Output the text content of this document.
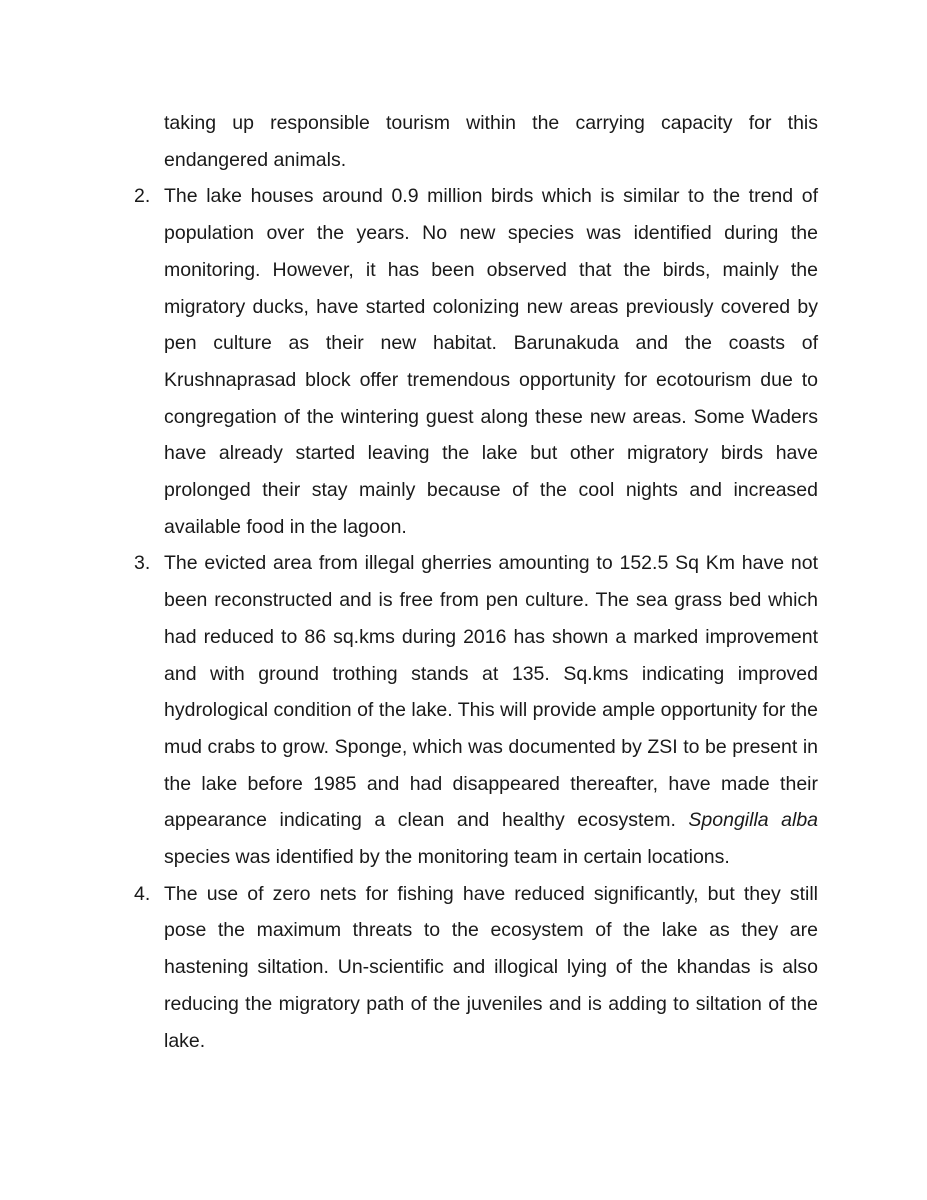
taking up responsible tourism within the carrying capacity for this endangered animals.

2. The lake houses around 0.9 million birds which is similar to the trend of population over the years. No new species was identified during the monitoring. However, it has been observed that the birds, mainly the migratory ducks, have started colonizing new areas previously covered by pen culture as their new habitat. Barunakuda and the coasts of Krushnaprasad block offer tremendous opportunity for ecotourism due to congregation of the wintering guest along these new areas. Some Waders have already started leaving the lake but other migratory birds have prolonged their stay mainly because of the cool nights and increased available food in the lagoon.
3. The evicted area from illegal gherries amounting to 152.5 Sq Km have not been reconstructed and is free from pen culture. The sea grass bed which had reduced to 86 sq.kms during 2016 has shown a marked improvement and with ground trothing stands at 135. Sq.kms indicating improved hydrological condition of the lake. This will provide ample opportunity for the mud crabs to grow. Sponge, which was documented by ZSI to be present in the lake before 1985 and had disappeared thereafter, have made their appearance indicating a clean and healthy ecosystem. Spongilla alba species was identified by the monitoring team in certain locations.
4. The use of zero nets for fishing have reduced significantly, but they still pose the maximum threats to the ecosystem of the lake as they are hastening siltation. Un-scientific and illogical lying of the khandas is also reducing the migratory path of the juveniles and is adding to siltation of the lake.
